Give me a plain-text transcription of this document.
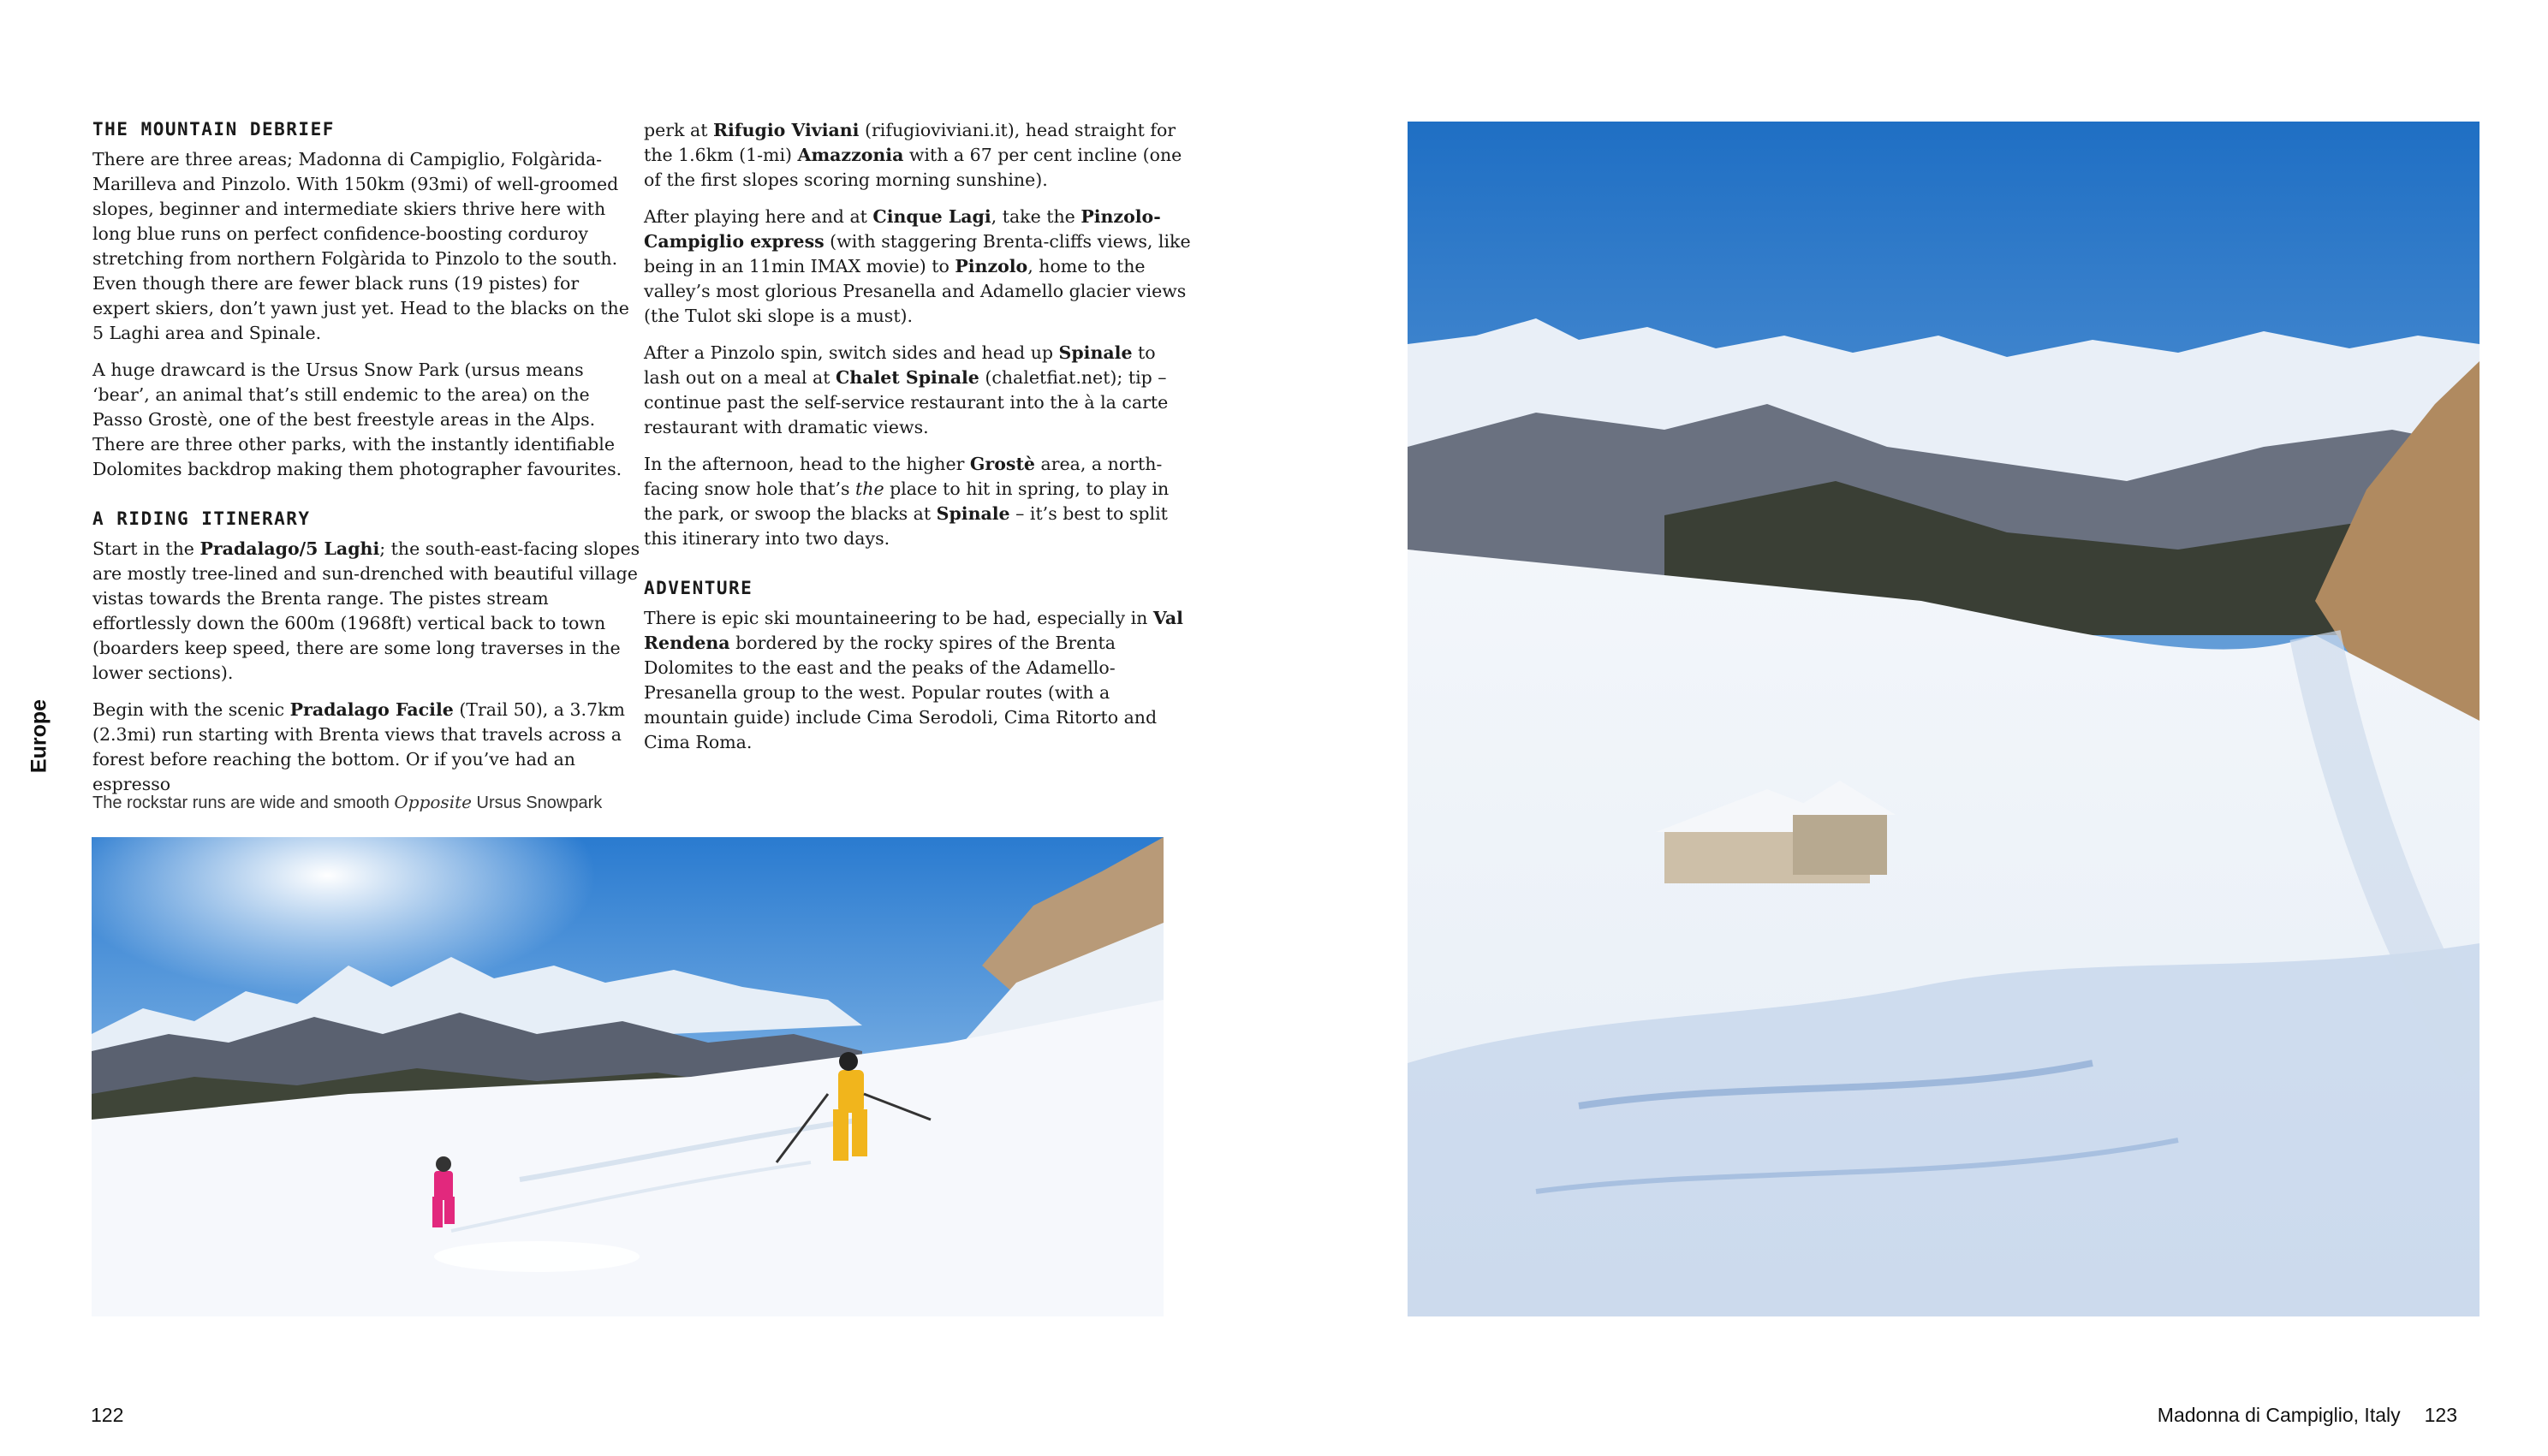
THE MOUNTAIN DEBRIEF

There are three areas; Madonna di Campiglio, Folgàrida-Marilleva and Pinzolo. With 150km (93mi) of well-groomed slopes, beginner and intermediate skiers thrive here with long blue runs on perfect confidence-boosting corduroy stretching from northern Folgàrida to Pinzolo to the south. Even though there are fewer black runs (19 pistes) for expert skiers, don’t yawn just yet. Head to the blacks on the 5 Laghi area and Spinale.

A huge drawcard is the Ursus Snow Park (ursus means ‘bear’, an animal that’s still endemic to the area) on the Passo Grostè, one of the best freestyle areas in the Alps. There are three other parks, with the instantly identifiable Dolomites backdrop making them photographer favourites.

A RIDING ITINERARY

Start in the Pradalago/5 Laghi; the south-east-facing slopes are mostly tree-lined and sun-drenched with beautiful village vistas towards the Brenta range. The pistes stream effortlessly down the 600m (1968ft) vertical back to town (boarders keep speed, there are some long traverses in the lower sections).

Begin with the scenic Pradalago Facile (Trail 50), a 3.7km (2.3mi) run starting with Brenta views that travels across a forest before reaching the bottom. Or if you’ve had an espresso

perk at Rifugio Viviani (rifugioviviani.it), head straight for the 1.6km (1-mi) Amazzonia with a 67 per cent incline (one of the first slopes scoring morning sunshine).

After playing here and at Cinque Lagi, take the Pinzolo-Campiglio express (with staggering Brenta-cliffs views, like being in an 11min IMAX movie) to Pinzolo, home to the valley’s most glorious Presanella and Adamello glacier views (the Tulot ski slope is a must).

After a Pinzolo spin, switch sides and head up Spinale to lash out on a meal at Chalet Spinale (chaletfiat.net); tip – continue past the self-service restaurant into the à la carte restaurant with dramatic views.

In the afternoon, head to the higher Grostè area, a north-facing snow hole that’s the place to hit in spring, to play in the park, or swoop the blacks at Spinale – it’s best to split this itinerary into two days.

ADVENTURE

There is epic ski mountaineering to be had, especially in Val Rendena bordered by the rocky spires of the Brenta Dolomites to the east and the peaks of the Adamello-Presanella group to the west. Popular routes (with a mountain guide) include Cima Serodoli, Cima Ritorto and Cima Roma.

Europe
The rockstar runs are wide and smooth Opposite Ursus Snowpark
122	Madonna di Campiglio, Italy 123
